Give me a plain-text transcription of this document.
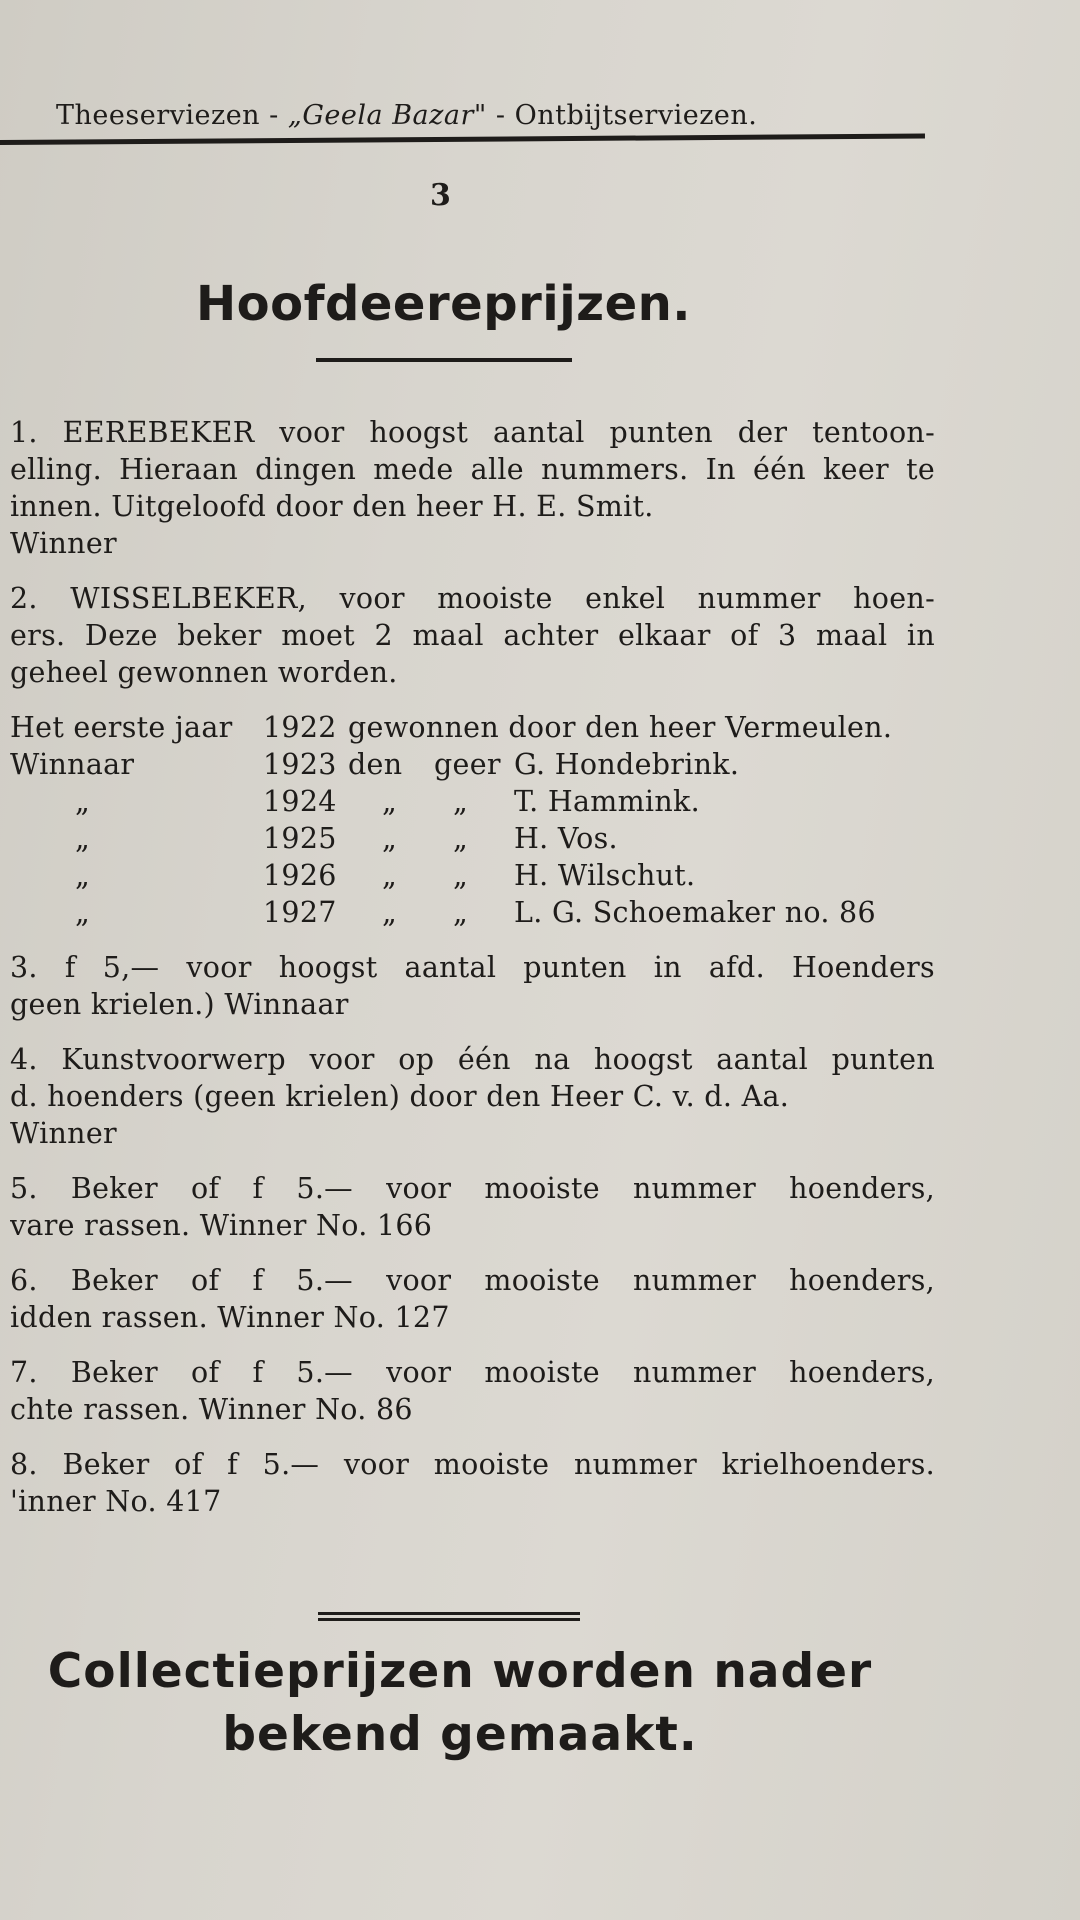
Theeserviezen - „Geela Bazar" - Ontbijtserviezen.
3
Hoofdeereprijzen.
1. EEREBEKER voor hoogst aantal punten der tentoon-
elling. Hieraan dingen mede alle nummers. In één keer te
innen. Uitgeloofd door den heer H. E. Smit.
Winner
2. WISSELBEKER, voor mooiste enkel nummer hoen-
ers. Deze beker moet 2 maal achter elkaar of 3 maal in
geheel gewonnen worden.
Het eerste jaar 1922 gewonnen door den heer Vermeulen.
Winnaar	1923 den geer G. Hondebrink.
„	1924 „ „ T. Hammink.
„	1925 „ „ H. Vos.
„	1926 „ „ H. Wilschut.
„	1927 „ „ L. G. Schoemaker no. 86
3. f 5,— voor hoogst aantal punten in afd. Hoenders
geen krielen.) Winnaar
4. Kunstvoorwerp voor op één na hoogst aantal punten
d. hoenders (geen krielen) door den Heer C. v. d. Aa.
Winner
5. Beker of f 5.— voor mooiste nummer hoenders,
vare rassen. Winner No. 166
6. Beker of f 5.— voor mooiste nummer hoenders,
idden rassen. Winner No. 127
7. Beker of f 5.— voor mooiste nummer hoenders,
chte rassen. Winner No. 86
8. Beker of f 5.— voor mooiste nummer krielhoenders.
'inner No. 417
Collectieprijzen worden nader
bekend gemaakt.
